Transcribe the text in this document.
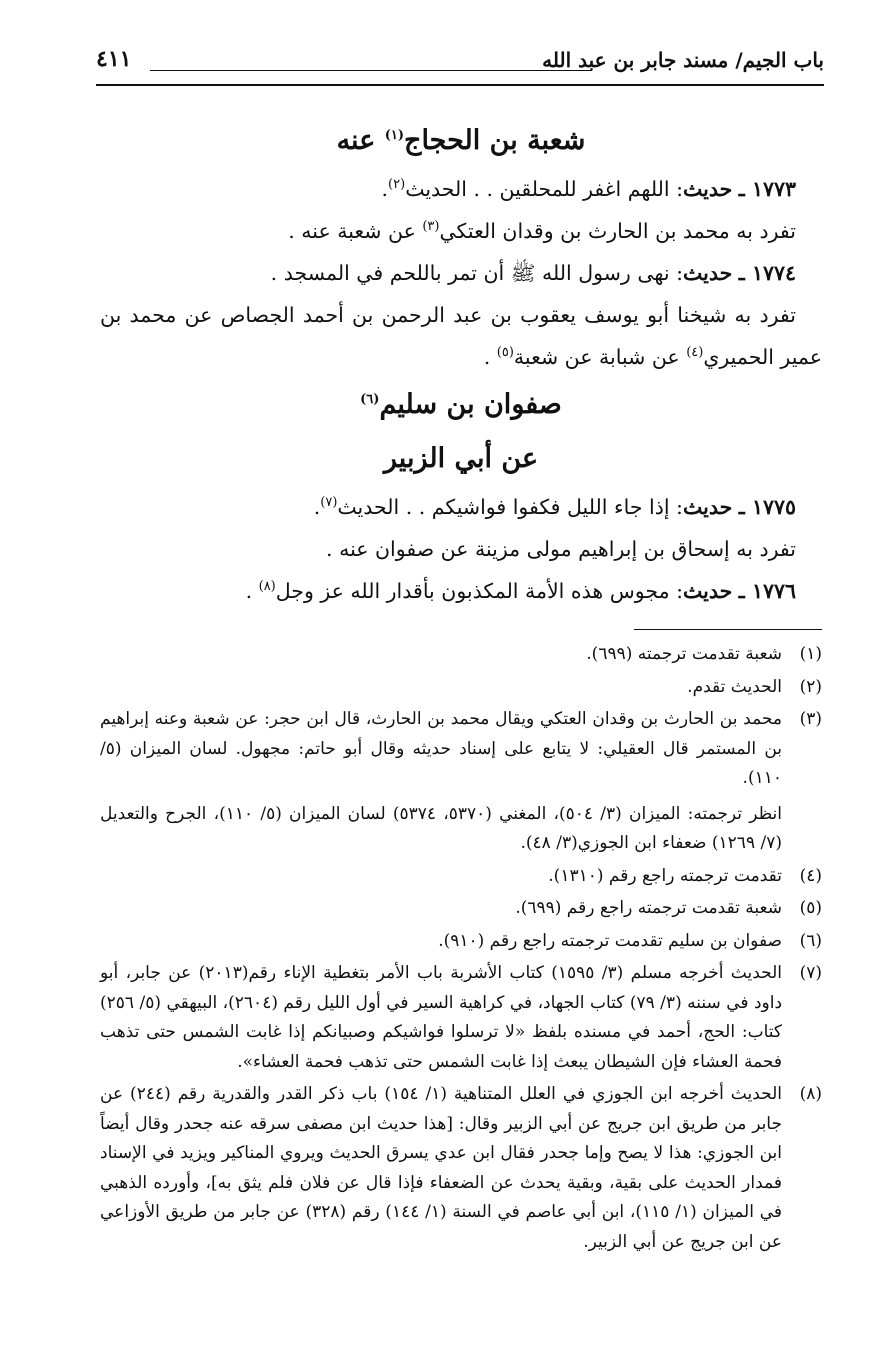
باب الجيم/ مسند جابر بن عبد الله
٤١١
شعبة بن الحجاج$^{(١)}$ عنه

١٧٧٣ ـ حديث: اللهم اغفر للمحلقين . . الحديث$^{(٢)}$.

تفرد به محمد بن الحارث بن وقدان العتكي$^{(٣)}$ عن شعبة عنه .

١٧٧٤ ـ حديث: نهى رسول الله ﷺ أن تمر باللحم في المسجد .

تفرد به شيخنا أبو يوسف يعقوب بن عبد الرحمن بن أحمد الجصاص عن محمد بن عمير الحميري$^{(٤)}$ عن شبابة عن شعبة$^{(٥)}$ .

صفوان بن سليم$^{(٦)}$
عن أبي الزبير

١٧٧٥ ـ حديث: إذا جاء الليل فكفوا فواشيكم . . الحديث$^{(٧)}$.

تفرد به إسحاق بن إبراهيم مولى مزينة عن صفوان عنه .

١٧٧٦ ـ حديث: مجوس هذه الأمة المكذبون بأقدار الله عز وجل$^{(٨)}$ .

(١)

شعبة تقدمت ترجمته (٦٩٩).

(٢)

الحديث تقدم.

(٣)

محمد بن الحارث بن وقدان العتكي ويقال محمد بن الحارث، قال ابن حجر: عن شعبة وعنه إبراهيم بن المستمر قال العقيلي: لا يتابع على إسناد حديثه وقال أبو حاتم: مجهول. لسان الميزان (٥/ ١١٠).

انظر ترجمته: الميزان (٣/ ٥٠٤)، المغني (٥٣٧٠، ٥٣٧٤) لسان الميزان (٥/ ١١٠)، الجرح والتعديل (٧/ ١٢٦٩) ضعفاء ابن الجوزي(٣/ ٤٨).

(٤)

تقدمت ترجمته راجع رقم (١٣١٠).

(٥)

شعبة تقدمت ترجمته راجع رقم (٦٩٩).

(٦)

صفوان بن سليم تقدمت ترجمته راجع رقم (٩١٠).

(٧)

الحديث أخرجه مسلم (٣/ ١٥٩٥) كتاب الأشربة باب الأمر بتغطية الإناء رقم(٢٠١٣) عن جابر، أبو داود في سننه (٣/ ٧٩) كتاب الجهاد، في كراهية السير في أول الليل رقم (٢٦٠٤)، البيهقي (٥/ ٢٥٦) كتاب: الحج، أحمد في مسنده بلفظ «لا ترسلوا فواشيكم وصبيانكم إذا غابت الشمس حتى تذهب فحمة العشاء فإن الشيطان يبعث إذا غابت الشمس حتى تذهب فحمة العشاء».

(٨)

الحديث أخرجه ابن الجوزي في العلل المتناهية (١/ ١٥٤) باب ذكر القدر والقدرية رقم (٢٤٤) عن جابر من طريق ابن جريج عن أبي الزبير وقال: [هذا حديث ابن مصفى سرقه عنه جحدر وقال أيضاً ابن الجوزي: هذا لا يصح وإما جحدر فقال ابن عدي يسرق الحديث ويروي المناكير ويزيد في الإسناد فمدار الحديث على بقية، وبقية يحدث عن الضعفاء فإذا قال عن فلان فلم يثق به]، وأورده الذهبي في الميزان (١/ ١١٥)، ابن أبي عاصم في السنة (١/ ١٤٤) رقم (٣٢٨) عن جابر من طريق الأوزاعي عن ابن جريج عن أبي الزبير.
